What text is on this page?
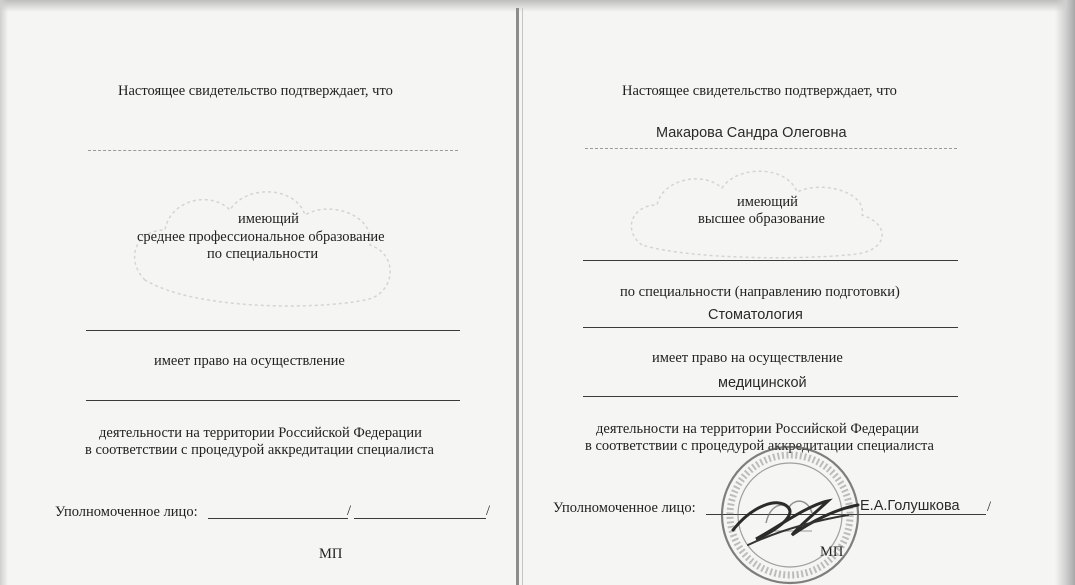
Настоящее свидетельство подтверждает, что
имеющий
среднее профессиональное образование
по специальности
имеет право на осуществление
деятельности на территории Российской Федерации
в соответствии с процедурой аккредитации специалиста
Уполномоченное лицо:	/	/
МП
Настоящее свидетельство подтверждает, что
Макарова Сандра Олеговна
имеющий
высшее образование
по специальности (направлению подготовки)
Стоматология
имеет право на осуществление
медицинской
деятельности на территории Российской Федерации
в соответствии с процедурой аккредитации специалиста
Уполномоченное лицо:	Е.А.Голушкова /
МП
